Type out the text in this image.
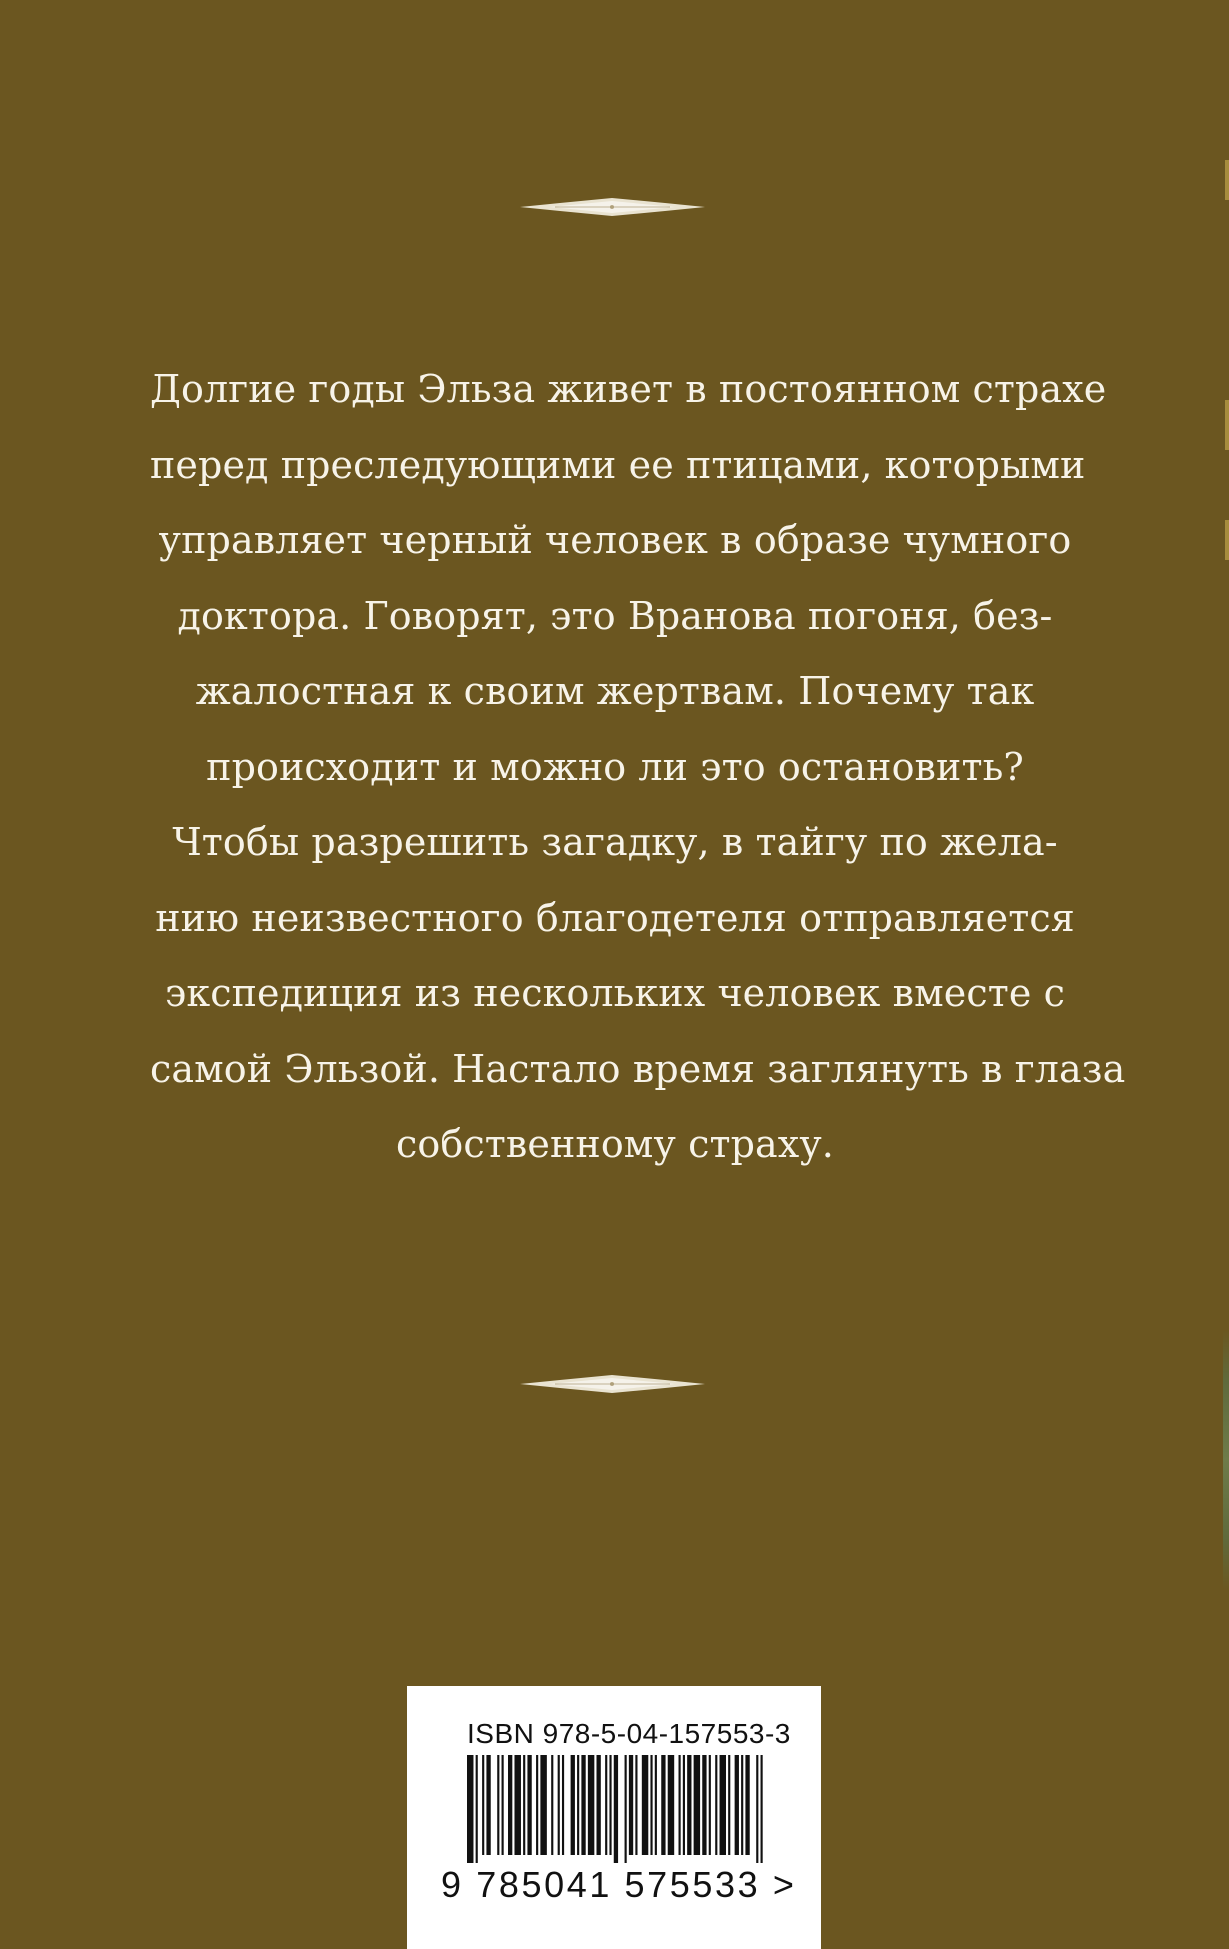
Долгие годы Эльза живет в постоянном страхе
перед преследующими ее птицами, которыми
управляет черный человек в образе чумного
доктора. Говорят, это Вранова погоня, без-
жалостная к своим жертвам. Почему так
происходит и можно ли это остановить?
Чтобы разрешить загадку, в тайгу по жела-
нию неизвестного благодетеля отправляется
экспедиция из нескольких человек вместе с
самой Эльзой. Настало время заглянуть в глаза
собственному страху.
ISBN 978-5-04-157553-3
9 785041 575533 >
